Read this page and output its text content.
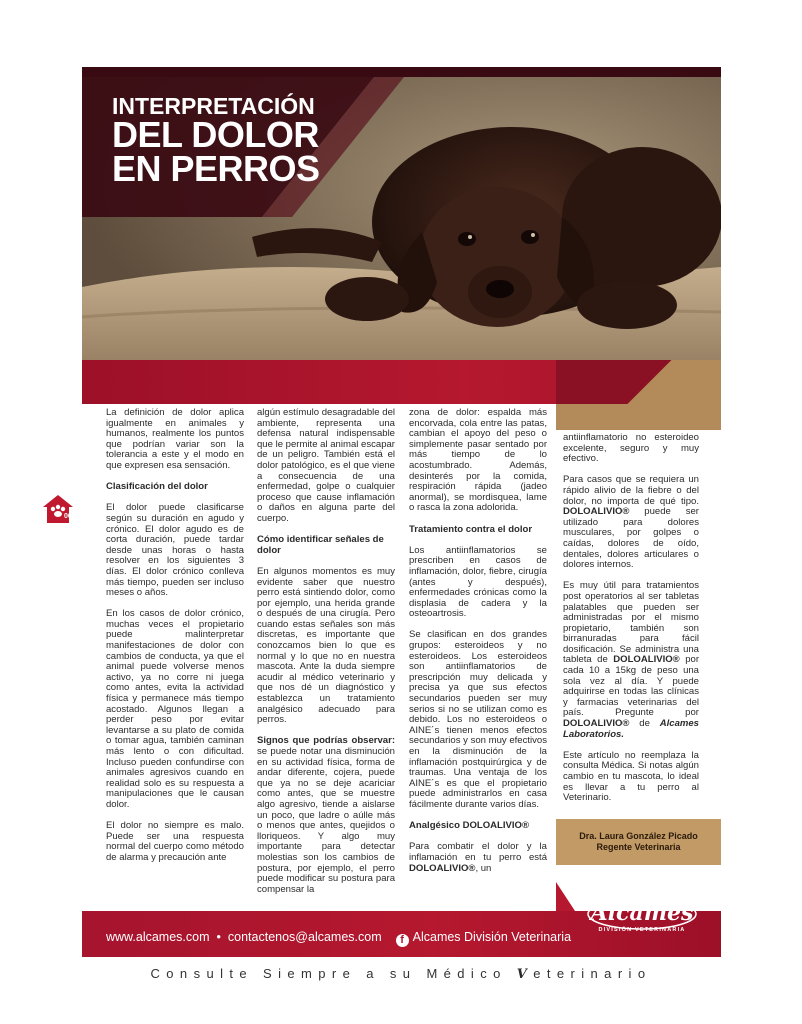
INTERPRETACIÓN
DEL DOLOR
EN PERROS
06

La definición de dolor aplica igualmente en animales y humanos, realmente los puntos que podrían variar son la tolerancia a este y el modo en que expresen esa sensación.

Clasificación del dolor

El dolor puede clasificarse según su duración en agudo y crónico. El dolor agudo es de corta duración, puede tardar desde unas horas o hasta resolver en los siguientes 3 días. El dolor crónico conlleva más tiempo, pueden ser incluso meses o años.

En los casos de dolor crónico, muchas veces el propietario puede malinterpretar manifestaciones de dolor con cambios de conducta, ya que el animal puede volverse menos activo, ya no corre ni juega como antes, evita la actividad física y permanece más tiempo acostado. Algunos llegan a perder peso por evitar levantarse a su plato de comida o tomar agua, también caminan más lento o con dificultad. Incluso pueden confundirse con animales agresivos cuando en realidad solo es su respuesta a manipulaciones que le causan dolor.

El dolor no siempre es malo. Puede ser una respuesta normal del cuerpo como método de alarma y precaución ante

algún estímulo desagradable del ambiente, representa una defensa natural indispensable que le permite al animal escapar de un peligro. También está el dolor patológico, es el que viene a consecuencia de una enfermedad, golpe o cualquier proceso que cause inflamación o daños en alguna parte del cuerpo.

Cómo identificar señales de dolor

En algunos momentos es muy evidente saber que nuestro perro está sintiendo dolor, como por ejemplo, una herida grande o después de una cirugía. Pero cuando estas señales son más discretas, es importante que conozcamos bien lo que es normal y lo que no en nuestra mascota. Ante la duda siempre acudir al médico veterinario y que nos dé un diagnóstico y establezca un tratamiento analgésico adecuado para perros.

Signos que podrías observar: se puede notar una disminución en su actividad física, forma de andar diferente, cojera, puede que ya no se deje acariciar como antes, que se muestre algo agresivo, tiende a aislarse un poco, que ladre o aúlle más o menos que antes, quejidos o lloriqueos. Y algo muy importante para detectar molestias son los cambios de postura, por ejemplo, el perro puede modificar su postura para compensar la

zona de dolor: espalda más encorvada, cola entre las patas, cambian el apoyo del peso o simplemente pasar sentado por más tiempo de lo acostumbrado. Además, desinterés por la comida, respiración rápida (jadeo anormal), se mordisquea, lame o rasca la zona adolorida.

Tratamiento contra el dolor

Los antiinflamatorios se prescriben en casos de inflamación, dolor, fiebre, cirugía (antes y después), enfermedades crónicas como la displasia de cadera y la osteoartrosis.

Se clasifican en dos grandes grupos: esteroideos y no esteroideos. Los esteroideos son antiinflamatorios de prescripción muy delicada y precisa ya que sus efectos secundarios pueden ser muy serios si no se utilizan como es debido. Los no esteroideos o AINE´s tienen menos efectos secundarios y son muy efectivos en la disminución de la inflamación postquirúrgica y de traumas. Una ventaja de los AINE´s es que el propietario puede administrarlos en casa fácilmente durante varios días.

Analgésico DOLOALIVIO®

Para combatir el dolor y la inflamación en tu perro está DOLOALIVIO®, un

antiinflamatorio no esteroideo excelente, seguro y muy efectivo.

Para casos que se requiera un rápido alivio de la fiebre o del dolor, no importa de qué tipo. DOLOALIVIO® puede ser utilizado para dolores musculares, por golpes o caídas, dolores de oído, dentales, dolores articulares o dolores internos.

Es muy útil para tratamientos post operatorios al ser tabletas palatables que pueden ser administradas por el mismo propietario, también son birranuradas para fácil dosificación. Se administra una tableta de DOLOALIVIO® por cada 10 a 15kg de peso una sola vez al día. Y puede adquirirse en todas las clínicas y farmacias veterinarias del país. Pregunte por DOLOALIVIO® de Alcames Laboratorios.

Este artículo no reemplaza la consulta Médica. Si notas algún cambio en tu mascota, lo ideal es llevar a tu perro al Veterinario.

Dra. Laura González Picado
Regente Veterinaria
www.alcames.com • contactenos@alcames.com f Alcames División Veterinaria
Alcames
DIVISIÓN VETERINARIA
Consulte Siempre a su Médico Veterinario
